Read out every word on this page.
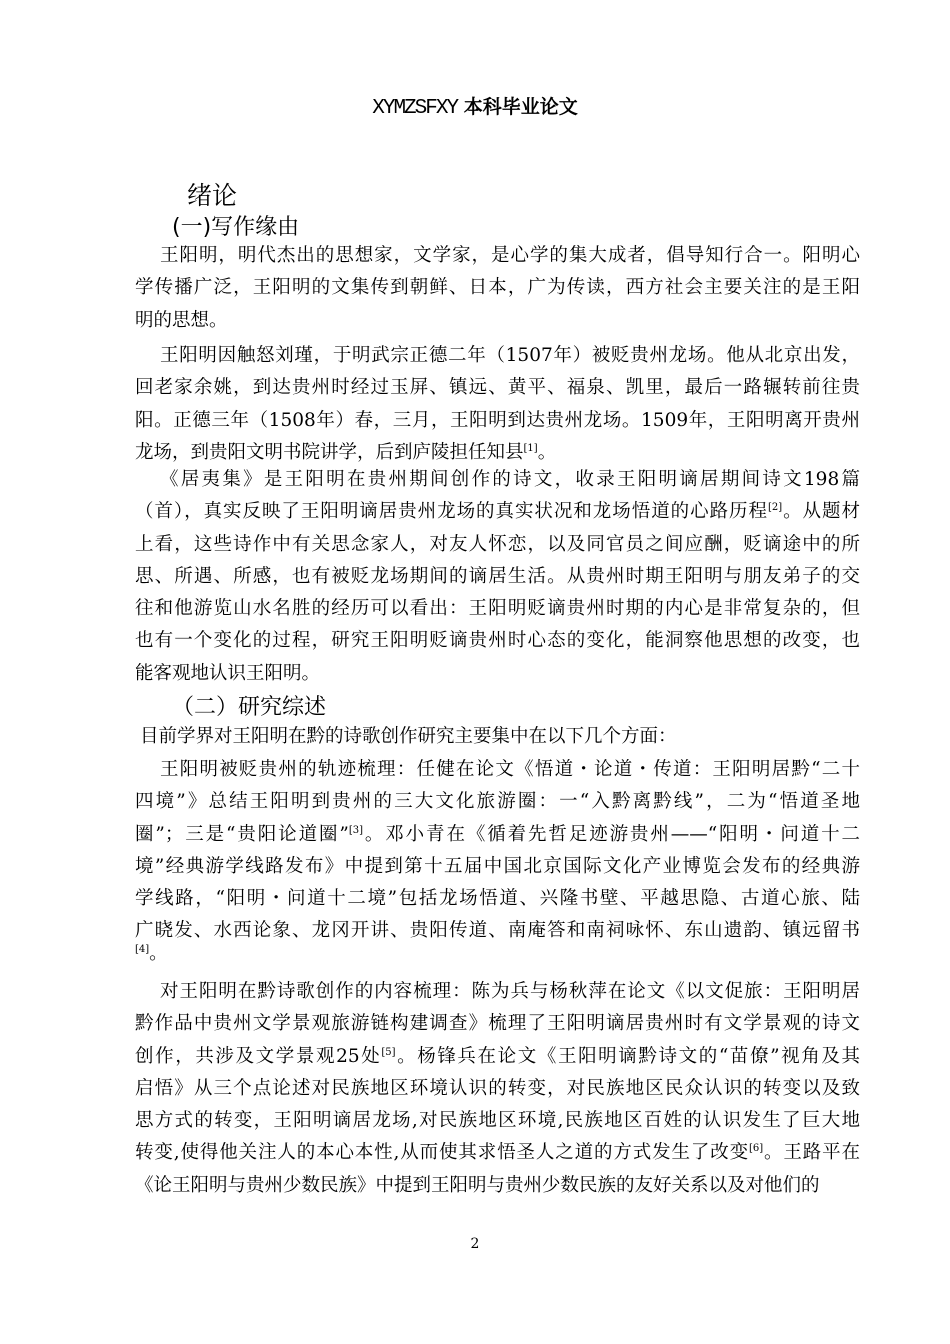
XYMZSFXY 本科毕业论文
绪论
(一)写作缘由
王阳明，明代杰出的思想家，文学家，是心学的集大成者，倡导知行合一。阳明心
学传播广泛，王阳明的文集传到朝鲜、日本，广为传读，西方社会主要关注的是王阳
明的思想。
王阳明因触怒刘瑾，于明武宗正德二年（1507年）被贬贵州龙场。他从北京出发，
回老家余姚，到达贵州时经过玉屏、镇远、黄平、福泉、凯里，最后一路辗转前往贵
阳。正德三年（1508年）春，三月，王阳明到达贵州龙场。1509年，王阳明离开贵州
龙场，到贵阳文明书院讲学，后到庐陵担任知县[1]。
《居夷集》是王阳明在贵州期间创作的诗文，收录王阳明谪居期间诗文198篇
（首），真实反映了王阳明谪居贵州龙场的真实状况和龙场悟道的心路历程[2]。从题材
上看，这些诗作中有关思念家人，对友人怀恋，以及同官员之间应酬，贬谪途中的所
思、所遇、所感，也有被贬龙场期间的谪居生活。从贵州时期王阳明与朋友弟子的交
往和他游览山水名胜的经历可以看出：王阳明贬谪贵州时期的内心是非常复杂的，但
也有一个变化的过程，研究王阳明贬谪贵州时心态的变化，能洞察他思想的改变，也
能客观地认识王阳明。
（二）研究综述
目前学界对王阳明在黔的诗歌创作研究主要集中在以下几个方面：
王阳明被贬贵州的轨迹梳理：任健在论文《悟道・论道・传道：王阳明居黔“二十
四境”》总结王阳明到贵州的三大文化旅游圈：一“入黔离黔线”，二为“悟道圣地
圈”；三是“贵阳论道圈”[3]。邓小青在《循着先哲足迹游贵州——“阳明・问道十二
境”经典游学线路发布》中提到第十五届中国北京国际文化产业博览会发布的经典游
学线路，“阳明・问道十二境”包括龙场悟道、兴隆书壁、平越思隐、古道心旅、陆
广晓发、水西论象、龙冈开讲、贵阳传道、南庵答和南祠咏怀、东山遗韵、镇远留书
[4]。
对王阳明在黔诗歌创作的内容梳理：陈为兵与杨秋萍在论文《以文促旅：王阳明居
黔作品中贵州文学景观旅游链构建调查》梳理了王阳明谪居贵州时有文学景观的诗文
创作，共涉及文学景观25处[5]。杨锋兵在论文《王阳明谪黔诗文的“苗僚”视角及其
启悟》从三个点论述对民族地区环境认识的转变，对民族地区民众认识的转变以及致
思方式的转变，王阳明谪居龙场,对民族地区环境,民族地区百姓的认识发生了巨大地
转变,使得他关注人的本心本性,从而使其求悟圣人之道的方式发生了改变[6]。王路平在
《论王阳明与贵州少数民族》中提到王阳明与贵州少数民族的友好关系以及对他们的
2
